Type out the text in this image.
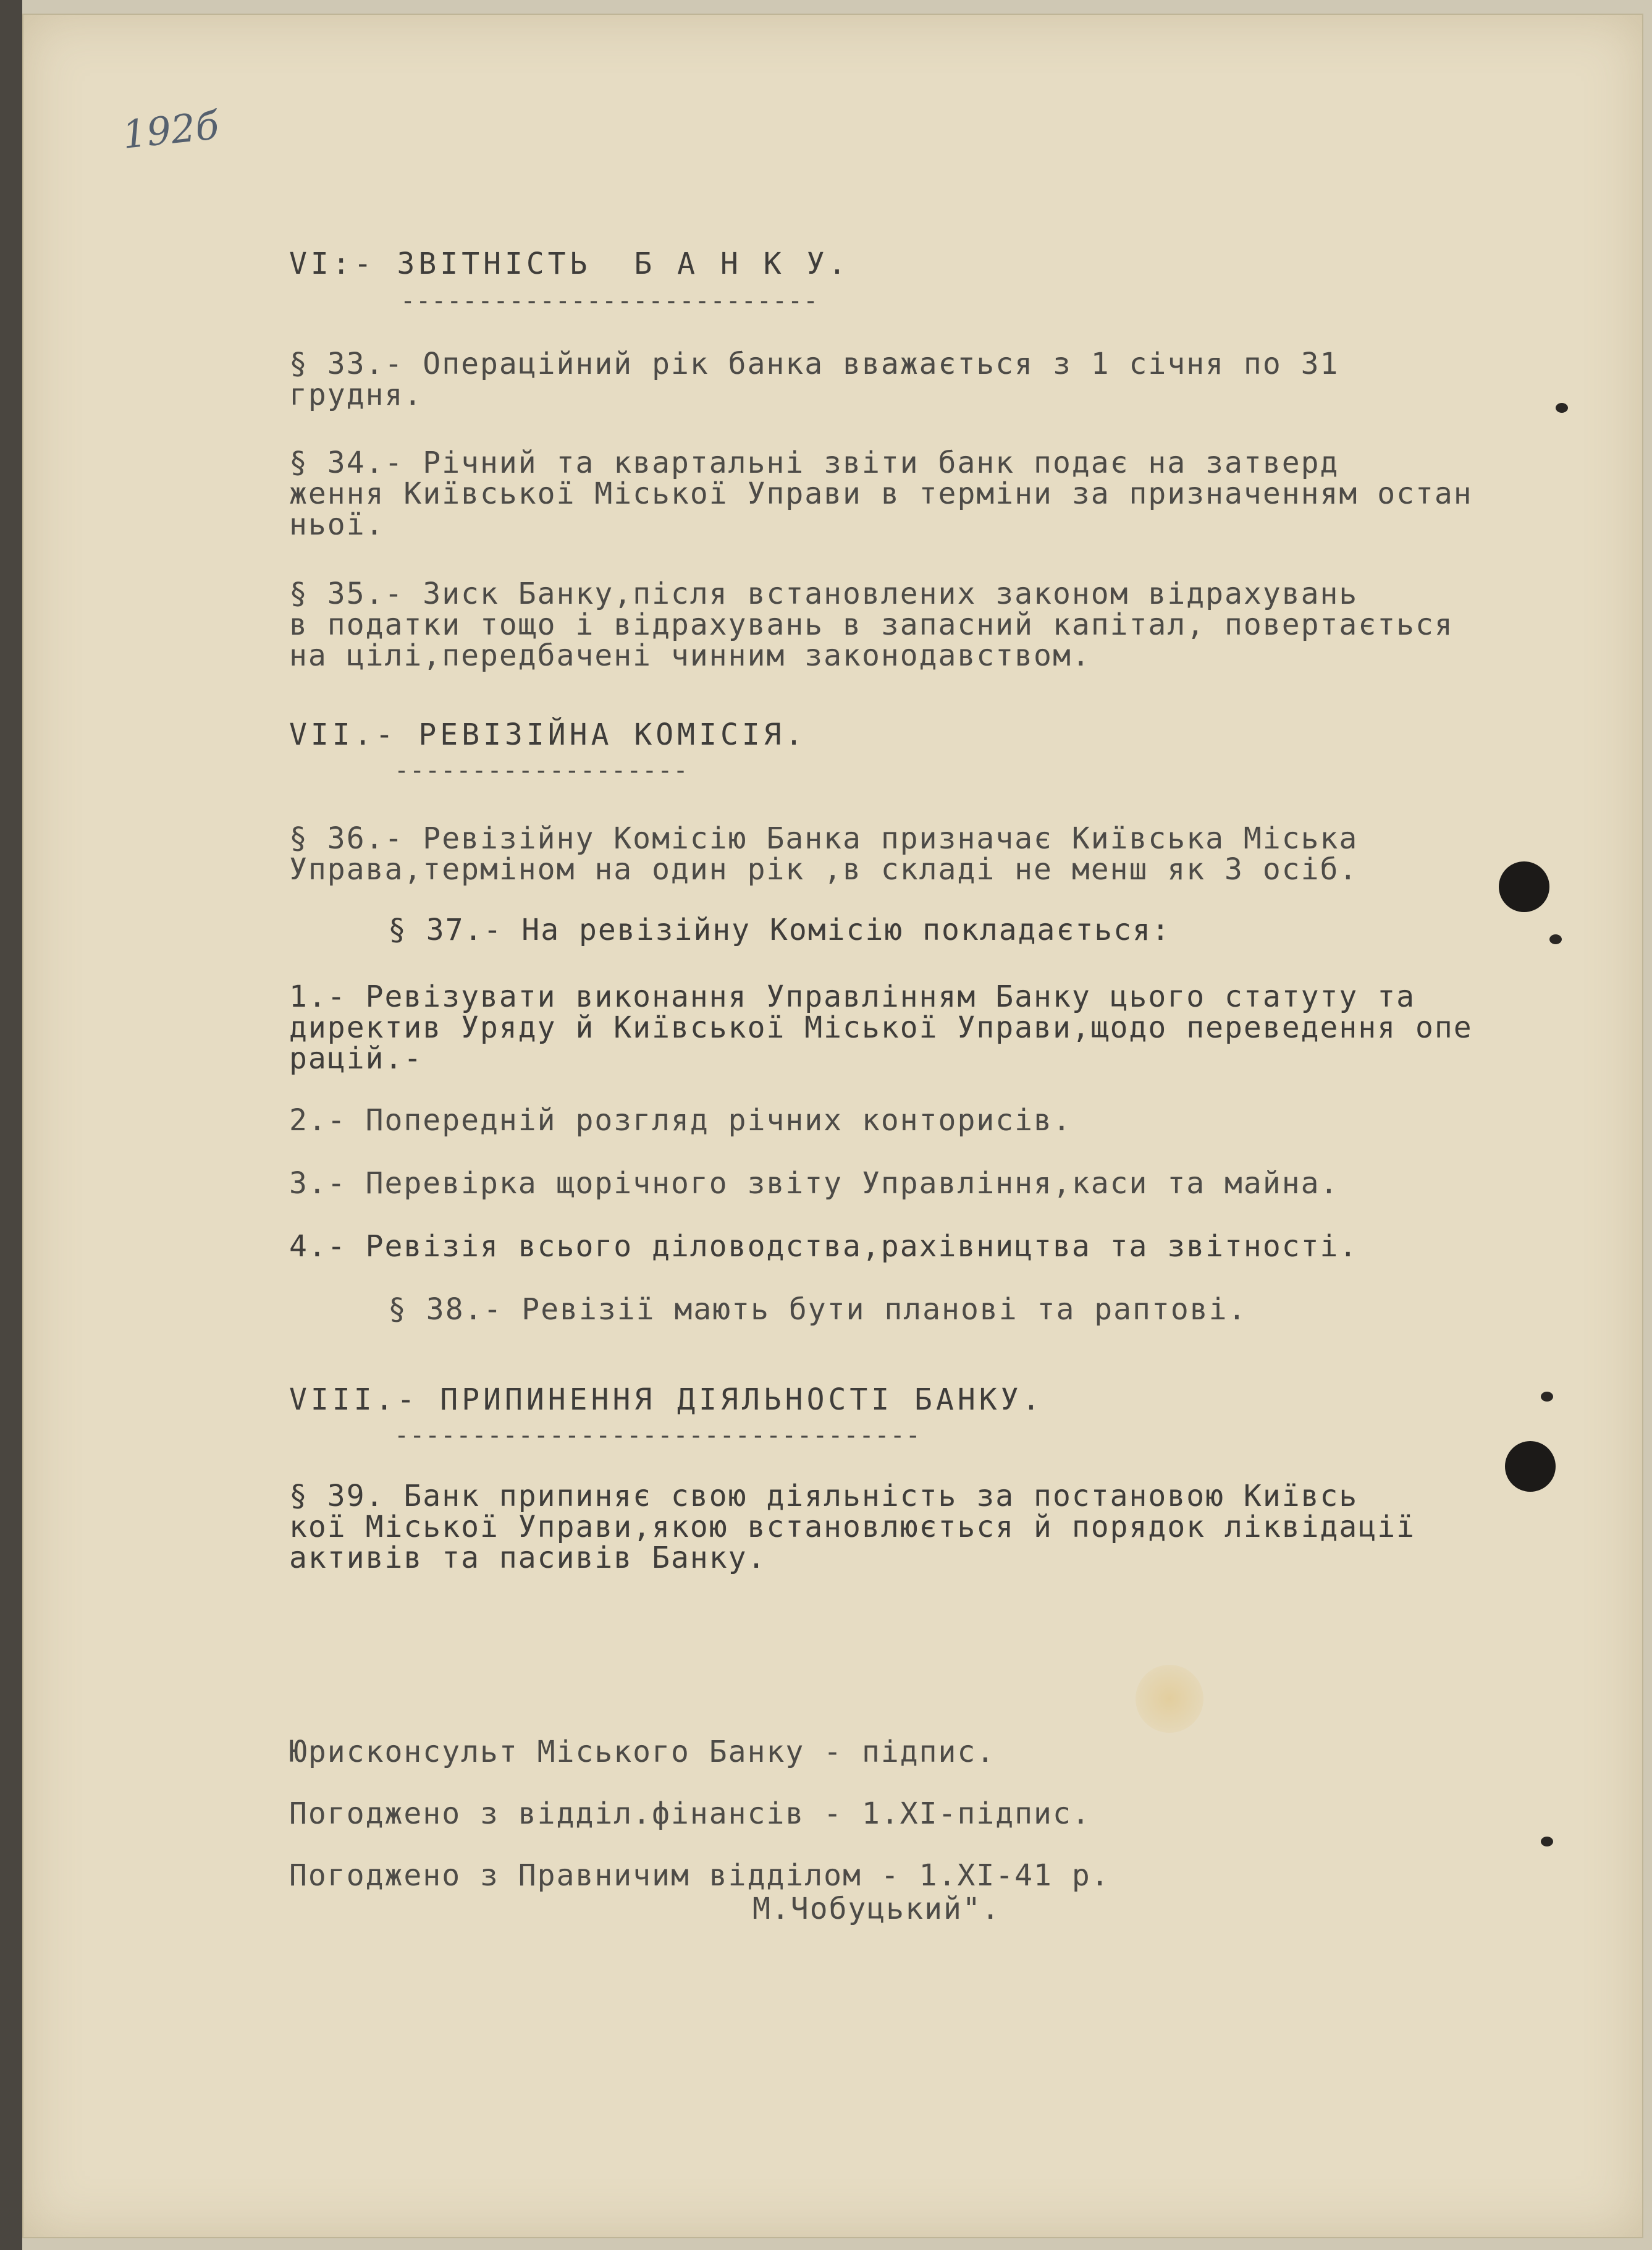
192б
VI:- ЗВІТНІСТЬ  Б А Н К У.
---------------------------
§ 33.- Операційний рік банка вважається з 1 січня по 31
грудня.
§ 34.- Річний та квартальні звіти банк подає на затверд
ження Київської Міської Управи в терміни за призначенням остан
ньої.
§ 35.- Зиск Банку,після встановлених законом відрахувань
в податки тощо і відрахувань в запасний капітал, повертається
на цілі,передбачені чинним законодавством.
VII.- РЕВІЗІЙНА КОМІСІЯ.
-------------------
§ 36.- Ревізійну Комісію Банка призначає Київська Міська
Управа,терміном на один рік ,в складі не менш як 3 осіб.
§ 37.- На ревізійну Комісію покладається:
1.- Ревізувати виконання Управлінням Банку цього статуту та
директив Уряду й Київської Міської Управи,щодо переведення опе
рацій.-
2.- Попередній розгляд річних конторисів.
3.- Перевірка щорічного звіту Управління,каси та майна.
4.- Ревізія всього діловодства,рахівництва та звітності.
§ 38.- Ревізії мають бути планові та раптові.
VIII.- ПРИПИНЕННЯ ДІЯЛЬНОСТІ БАНКУ.
----------------------------------
§ 39. Банк припиняє свою діяльність за постановою Київсь
кої Міської Управи,якою встановлюється й порядок ліквідації
активів та пасивів Банку.
Юрисконсульт Міського Банку - підпис.
Погоджено з відділ.фінансів - 1.XI-підпис.
Погоджено з Правничим відділом - 1.XI-41 р.
М.Чобуцький".
